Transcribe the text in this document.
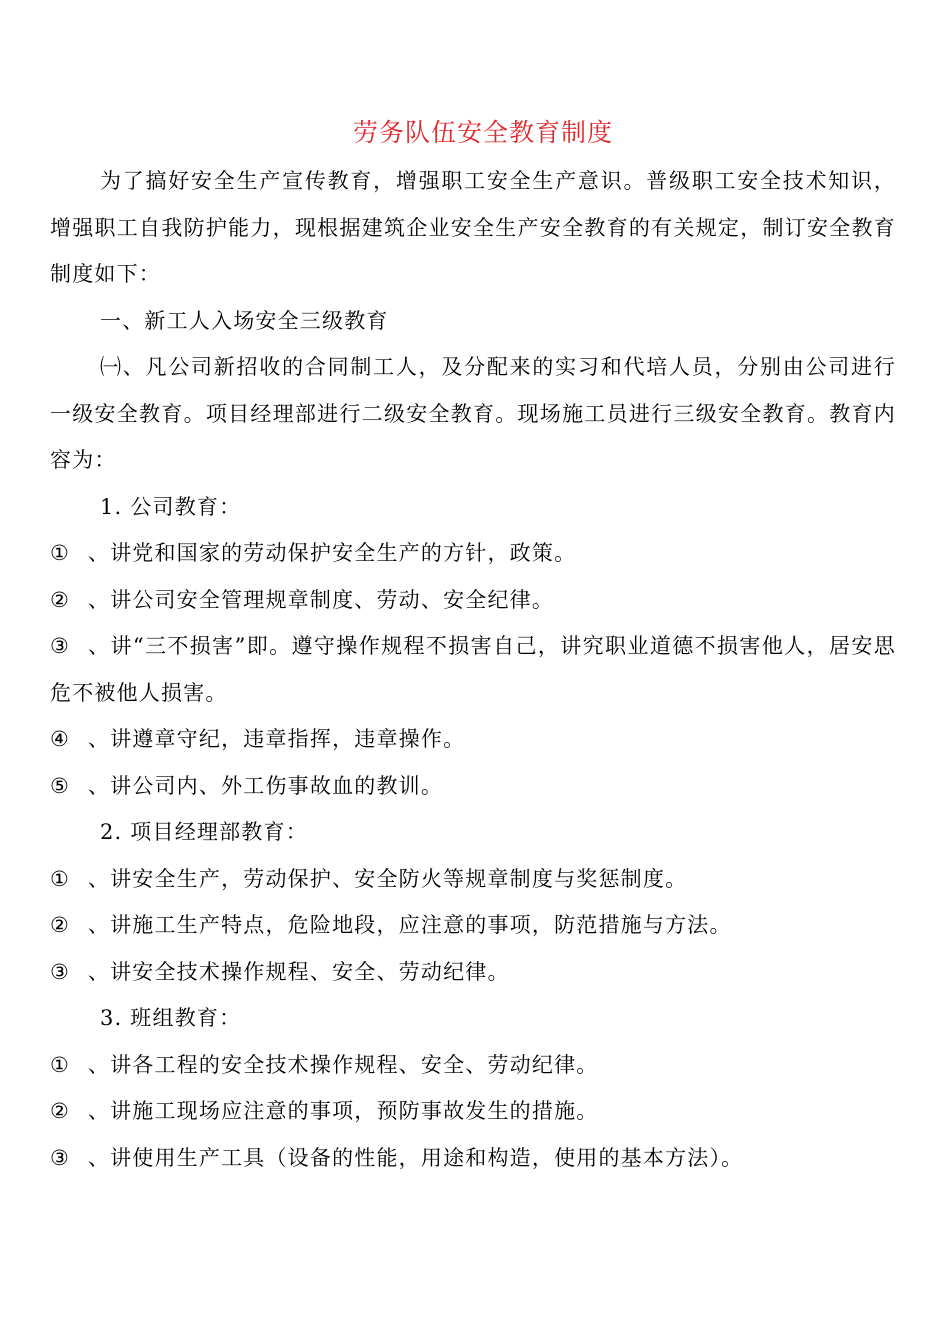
劳务队伍安全教育制度

为了搞好安全生产宣传教育，增强职工安全生产意识。普级职工安全技术知识，增强职工自我防护能力，现根据建筑企业安全生产安全教育的有关规定，制订安全教育制度如下：

一、新工人入场安全三级教育

㈠、凡公司新招收的合同制工人，及分配来的实习和代培人员，分别由公司进行一级安全教育。项目经理部进行二级安全教育。现场施工员进行三级安全教育。教育内容为：

1. 公司教育：

① 、讲党和国家的劳动保护安全生产的方针，政策。

② 、讲公司安全管理规章制度、劳动、安全纪律。

③ 、讲“三不损害”即。遵守操作规程不损害自己，讲究职业道德不损害他人，居安思危不被他人损害。

④ 、讲遵章守纪，违章指挥，违章操作。

⑤ 、讲公司内、外工伤事故血的教训。

2. 项目经理部教育：

① 、讲安全生产，劳动保护、安全防火等规章制度与奖惩制度。

② 、讲施工生产特点，危险地段，应注意的事项，防范措施与方法。

③ 、讲安全技术操作规程、安全、劳动纪律。

3. 班组教育：

① 、讲各工程的安全技术操作规程、安全、劳动纪律。

② 、讲施工现场应注意的事项，预防事故发生的措施。

③ 、讲使用生产工具（设备的性能，用途和构造，使用的基本方法）。
